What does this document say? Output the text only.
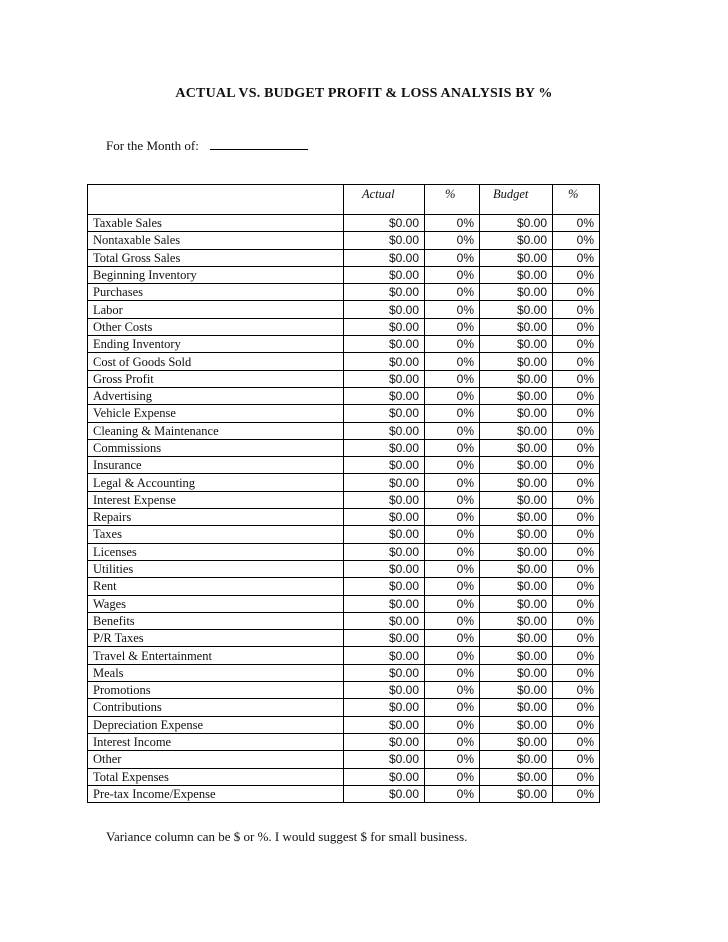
ACTUAL VS. BUDGET PROFIT & LOSS ANALYSIS BY %
For the Month of:
	Actual	%	Budget	%
Taxable Sales	$0.00	0%	$0.00	0%
Nontaxable Sales	$0.00	0%	$0.00	0%
Total Gross Sales	$0.00	0%	$0.00	0%
Beginning Inventory	$0.00	0%	$0.00	0%
Purchases	$0.00	0%	$0.00	0%
Labor	$0.00	0%	$0.00	0%
Other Costs	$0.00	0%	$0.00	0%
Ending Inventory	$0.00	0%	$0.00	0%
Cost of Goods Sold	$0.00	0%	$0.00	0%
Gross Profit	$0.00	0%	$0.00	0%
Advertising	$0.00	0%	$0.00	0%
Vehicle Expense	$0.00	0%	$0.00	0%
Cleaning & Maintenance	$0.00	0%	$0.00	0%
Commissions	$0.00	0%	$0.00	0%
Insurance	$0.00	0%	$0.00	0%
Legal & Accounting	$0.00	0%	$0.00	0%
Interest Expense	$0.00	0%	$0.00	0%
Repairs	$0.00	0%	$0.00	0%
Taxes	$0.00	0%	$0.00	0%
Licenses	$0.00	0%	$0.00	0%
Utilities	$0.00	0%	$0.00	0%
Rent	$0.00	0%	$0.00	0%
Wages	$0.00	0%	$0.00	0%
Benefits	$0.00	0%	$0.00	0%
P/R Taxes	$0.00	0%	$0.00	0%
Travel & Entertainment	$0.00	0%	$0.00	0%
Meals	$0.00	0%	$0.00	0%
Promotions	$0.00	0%	$0.00	0%
Contributions	$0.00	0%	$0.00	0%
Depreciation Expense	$0.00	0%	$0.00	0%
Interest Income	$0.00	0%	$0.00	0%
Other	$0.00	0%	$0.00	0%
Total Expenses	$0.00	0%	$0.00	0%
Pre-tax Income/Expense	$0.00	0%	$0.00	0%
Variance column can be $ or %. I would suggest $ for small business.
